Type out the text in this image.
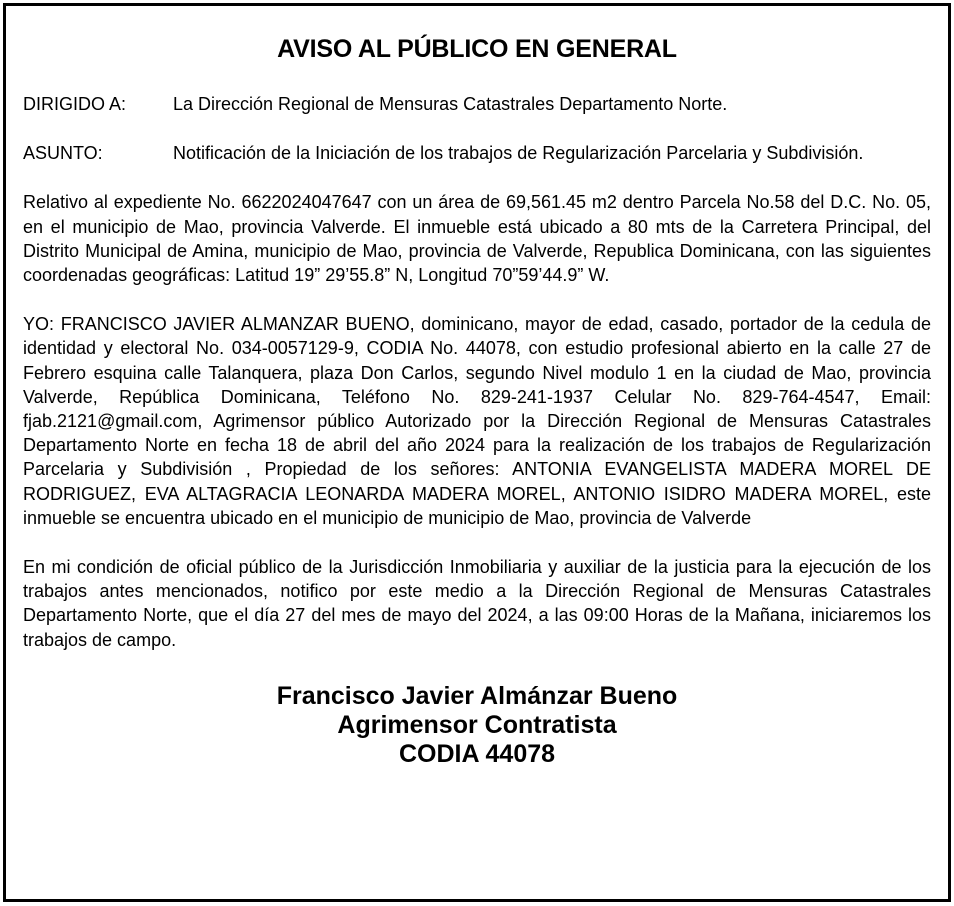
AVISO AL PÚBLICO EN GENERAL
DIRIGIDO A:	La Dirección Regional de Mensuras Catastrales Departamento Norte.

ASUNTO:	Notificación de la Iniciación de los trabajos de Regularización Parcelaria y Subdivisión.

Relativo al expediente No. 6622024047647 con un área de 69,561.45 m2 dentro Parcela No.58 del D.C. No. 05, en el municipio de Mao, provincia Valverde. El inmueble está ubicado a 80 mts de la Carretera Principal, del Distrito Municipal de Amina, municipio de Mao, provincia de Valverde, Republica Dominicana, con las siguientes coordenadas geográficas: Latitud 19” 29’55.8” N, Longitud 70”59’44.9” W.

YO: FRANCISCO JAVIER ALMANZAR BUENO, dominicano, mayor de edad, casado, portador de la cedula de identidad y electoral No. 034-0057129-9, CODIA No. 44078, con estudio profesional abierto en la calle 27 de Febrero esquina calle Talanquera, plaza Don Carlos, segundo Nivel modulo 1 en la ciudad de Mao, provincia Valverde, República Dominicana, Teléfono No. 829-241-1937 Celular No. 829-764-4547, Email: fjab.2121@gmail.com, Agrimensor público Autorizado por la Dirección Regional de Mensuras Catastrales Departamento Norte en fecha 18 de abril del año 2024 para la realización de los trabajos de Regularización Parcelaria y Subdivisión , Propiedad de los señores: ANTONIA EVANGELISTA MADERA MOREL DE RODRIGUEZ, EVA ALTAGRACIA LEONARDA MADERA MOREL, ANTONIO ISIDRO MADERA MOREL, este inmueble se encuentra ubicado en el municipio de municipio de Mao, provincia de Valverde

En mi condición de oficial público de la Jurisdicción Inmobiliaria y auxiliar de la justicia para la ejecución de los trabajos antes mencionados, notifico por este medio a la Dirección Regional de Mensuras Catastrales Departamento Norte, que el día 27 del mes de mayo del 2024, a las 09:00 Horas de la Mañana, iniciaremos los trabajos de campo.

Francisco Javier Almánzar Bueno
Agrimensor Contratista
CODIA 44078
